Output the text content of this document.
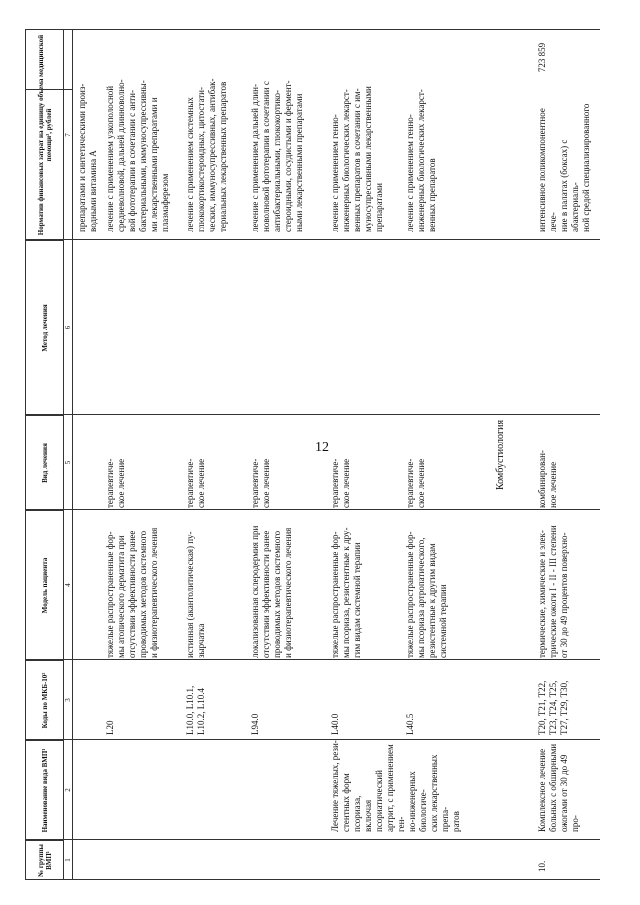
12
№ группы ВМП¹
Наименование вида ВМП¹
Коды по МКБ-10²
Модель пациента
Вид лечения
Метод лечения
Норматив финансовых затрат на единицу объема медицинской помощи³, рублей
1
2
3
4
5
6
7
препаратами и синтетическими произ-
водными витамина А
L20
тяжелые распространенные фор-
мы атопического дерматита при
отсутствии эффективности ранее
проводимых методов системного
и физиотерапевтического лечения
терапевтиче-
ское лечение
лечение с применением узкополосной
средневолновой, дальней длинноволно-
вой фототерапии в сочетании с анти-
бактериальными, иммуносупрессивны-
ми лекарственными препаратами и
плазмаферезом
L10.0, L10.1,
L10.2, L10.4
истинная (акантолитическая) пу-
зырчатка
терапевтиче-
ское лечение
лечение с применением системных
глюкокортикостероидных, цитостати-
ческих, иммуносупрессивных, антибак-
териальных лекарственных препаратов
L94.0
локализованная склеродермия при
отсутствии эффективности ранее
проводимых методов системного
и физиотерапевтического лечения
терапевтиче-
ское лечение
лечение с применением дальней длин-
новолновой фототерапии в сочетании с
антибактериальными, глюкокортико-
стероидными, сосудистыми и фермент-
ными лекарственными препаратами
Лечение тяжелых, рези-
стентных форм псориаза,
включая псориатический
артрит, с применением ген-
но-инженерных биологиче-
ских лекарственных препа-
ратов
L40.0
тяжелые распространенные фор-
мы псориаза, резистентные к дру-
гим видам системной терапии
терапевтиче-
ское лечение
лечение с применением генно-
инженерных биологических лекарст-
венных препаратов в сочетании с им-
муносупрессивными лекарственными
препаратами
L40.5
тяжелые распространенные фор-
мы псориаза артропатического,
резистентные к другим видам
системной терапии
терапевтиче-
ское лечение
лечение с применением генно-
инженерных биологических лекарст-
венных препаратов
Комбустиология
10.
Комплексное лечение
больных с обширными
ожогами от 30 до 49 про-
T20, T21, T22,
T23, T24, T25,
T27, T29, T30,
термические, химические и элек-
трические ожоги I - II - III степени
от 30 до 49 процентов поверхно-
комбинирован-
ное лечение
интенсивное поликомпонентное лече-
ние в палатах (боксах) с абактериаль-
ной средой специализированного
723 859
